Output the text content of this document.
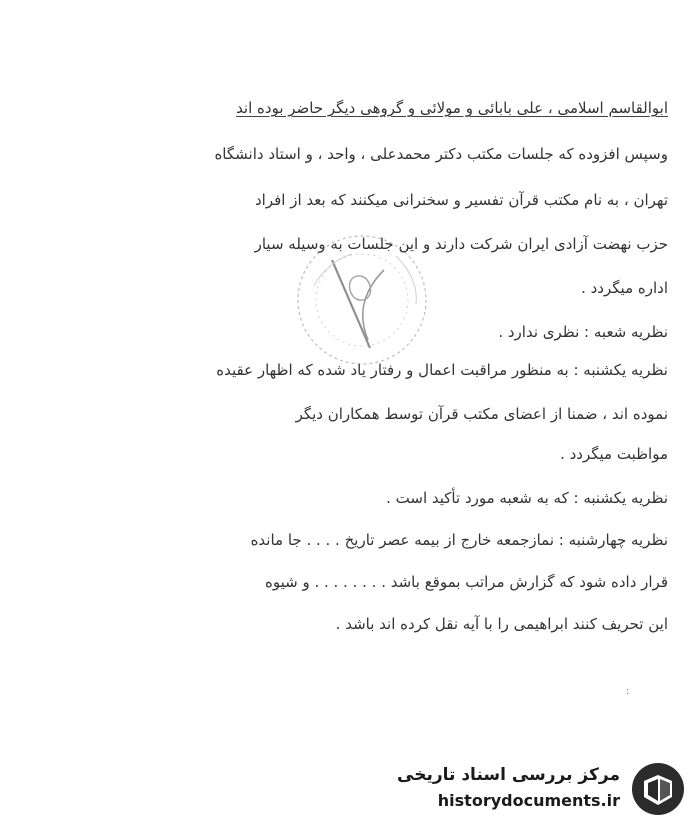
ابوالقاسم اسلامی ، علی بابائی و مولائی و گروهی دیگر حاضر بوده اند
وسپس افزوده که جلسات مکتب دکتر محمدعلی ، واحد ، و استاد دانشگاه
تهران ، به نام مکتب قرآن تفسیر و سخنرانی میکنند که بعد از افراد
حزب نهضت آزادی ایران شرکت دارند و این جلسات به وسیله سیار
اداره میگردد .
نظریه شعبه : نظری ندارد .
نظریه یکشنبه : به منظور مراقبت اعمال و رفتار یاد شده که اظهار عقیده
نموده اند ، ضمنا از اعضای مکتب قرآن توسط همکاران دیگر
مواظبت میگردد .
نظریه یکشنبه : که به شعبه مورد تأکید است .
نظریه چهارشنبه : نمازجمعه خارج از بیمه عصر تاریخ . . . . جا مانده
قرار داده شود که گزارش مراتب بموقع باشد . . . . . . . . و شیوه
این تحریف کنند ابراهیمی را با آیه نقل کرده اند باشد .
:
مرکز بررسی اسناد تاریخی
historydocuments.ir
